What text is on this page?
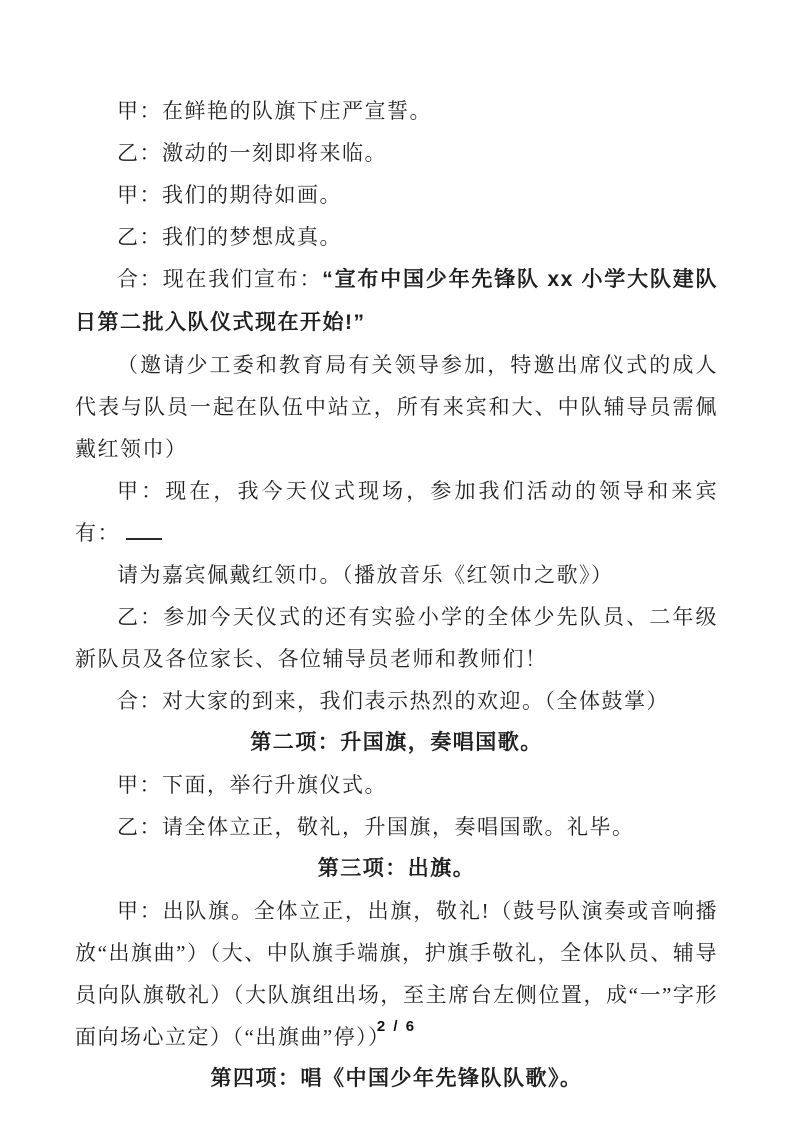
甲：在鲜艳的队旗下庄严宣誓。

乙：激动的一刻即将来临。

甲：我们的期待如画。

乙：我们的梦想成真。

合：现在我们宣布：“宣布中国少年先锋队 xx 小学大队建队日第二批入队仪式现在开始!”

（邀请少工委和教育局有关领导参加，特邀出席仪式的成人代表与队员一起在队伍中站立，所有来宾和大、中队辅导员需佩戴红领巾）

甲：现在，我今天仪式现场，参加我们活动的领导和来宾有：

请为嘉宾佩戴红领巾。（播放音乐《红领巾之歌》）

乙：参加今天仪式的还有实验小学的全体少先队员、二年级新队员及各位家长、各位辅导员老师和教师们！

合：对大家的到来，我们表示热烈的欢迎。（全体鼓掌）

第二项：升国旗，奏唱国歌。

甲：下面，举行升旗仪式。

乙：请全体立正，敬礼，升国旗，奏唱国歌。礼毕。

第三项：出旗。

甲：出队旗。全体立正，出旗，敬礼!（鼓号队演奏或音响播放“出旗曲”）（大、中队旗手端旗，护旗手敬礼，全体队员、辅导员向队旗敬礼）（大队旗组出场，至主席台左侧位置，成“一”字形面向场心立定）（“出旗曲”停））

第四项：唱《中国少年先锋队队歌》。

2 / 6
